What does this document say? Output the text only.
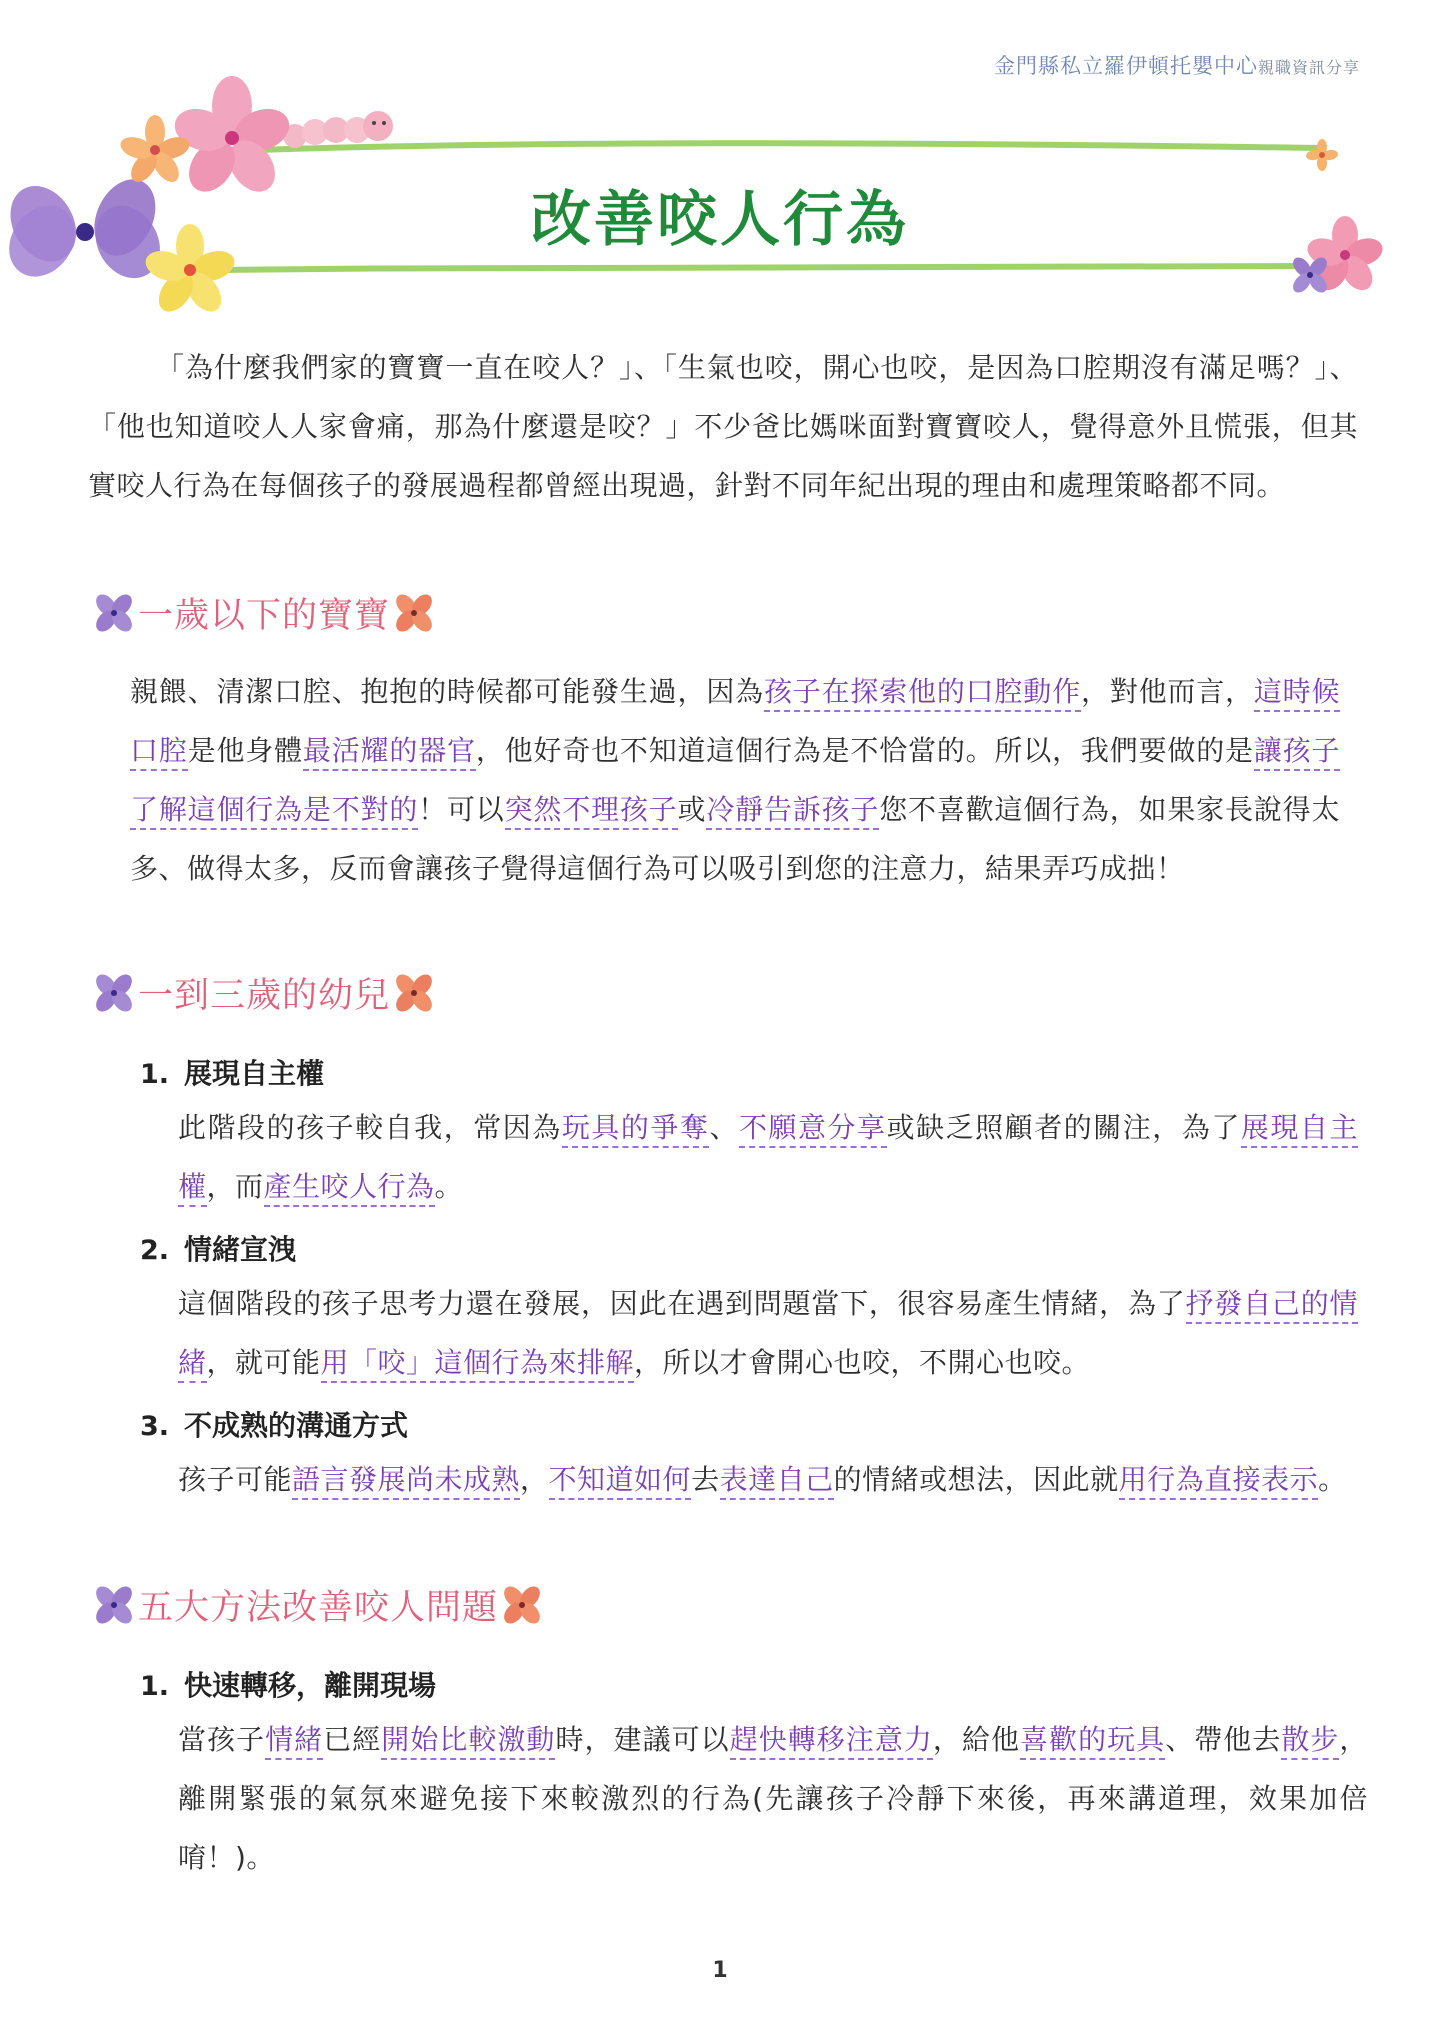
金門縣私立羅伊頓托嬰中心親職資訊分享
改善咬人行為

「為什麼我們家的寶寶一直在咬人？」、「生氣也咬，開心也咬，是因為口腔期沒有滿足嗎？」、「他也知道咬人人家會痛，那為什麼還是咬？」不少爸比媽咪面對寶寶咬人，覺得意外且慌張，但其實咬人行為在每個孩子的發展過程都曾經出現過，針對不同年紀出現的理由和處理策略都不同。

一歲以下的寶寶

親餵、清潔口腔、抱抱的時候都可能發生過，因為孩子在探索他的口腔動作，對他而言，這時候口腔是他身體最活耀的器官，他好奇也不知道這個行為是不恰當的。所以，我們要做的是讓孩子了解這個行為是不對的！可以突然不理孩子或冷靜告訴孩子您不喜歡這個行為，如果家長說得太多、做得太多，反而會讓孩子覺得這個行為可以吸引到您的注意力，結果弄巧成拙！

一到三歲的幼兒
1. 展現自主權

此階段的孩子較自我，常因為玩具的爭奪、不願意分享或缺乏照顧者的關注，為了展現自主權，而產生咬人行為。

2. 情緒宣洩

這個階段的孩子思考力還在發展，因此在遇到問題當下，很容易產生情緒，為了抒發自己的情緒，就可能用「咬」這個行為來排解，所以才會開心也咬，不開心也咬。

3. 不成熟的溝通方式

孩子可能語言發展尚未成熟，不知道如何去表達自己的情緒或想法，因此就用行為直接表示。

五大方法改善咬人問題
1. 快速轉移，離開現場

當孩子情緒已經開始比較激動時，建議可以趕快轉移注意力，給他喜歡的玩具、帶他去散步，離開緊張的氣氛來避免接下來較激烈的行為(先讓孩子冷靜下來後，再來講道理，效果加倍唷！)。

1
